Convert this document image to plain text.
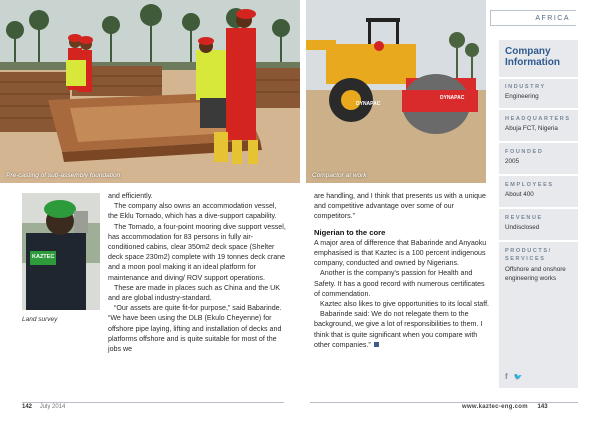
Pre-casting of sub-assembly foundation
DYNAPAC
DYNAPAC
Compactor at work
AFRICA
KAZTEC
Land survey

and efficiently.

The company also owns an accommodation vessel, the Eklu Tornado, which has a dive-support capability.

The Tornado, a four-point mooring dive support vessel, has accommodation for 83 persons in fully air-conditioned cabins, clear 350m2 deck space (Shelter deck space 230m2) complete with 19 tonnes deck crane and a moon pool making it an ideal platform for maintenance and diving/ ROV support operations.

These are made in places such as China and the UK and are global industry-standard.

“Our assets are quite fit-for purpose,” said Babarinde. “We have been using the DLB (Ekulo Cheyenne) for offshore pipe laying, lifting and installation of decks and platforms offshore and is quite suitable for most of the jobs we

are handling, and I think that presents us with a unique and competitive advantage over some of our competitors.”

Nigerian to the core

A major area of difference that Babarinde and Anyaoku emphasised is that Kaztec is a 100 percent indigenous company, conducted and owned by Nigerians.

Another is the company's passion for Health and Safety. It has a good record with numerous certificates of commendation.

Kaztec also likes to give opportunities to its local staff.

Babarinde said: We do not relegate them to the background, we give a lot of responsibilities to them. I think that is quite significant when you compare with other companies.”

Company
Information
INDUSTRY
Engineering
HEADQUARTERS
Abuja FCT, Nigeria
FOUNDED
2005
EMPLOYEES
About 400
REVENUE
Undisclosed
PRODUCTS/
SERVICES
Offshore and onshore engineering works
f 🐦
142 July 2014	www.kaztec-eng.com 143
